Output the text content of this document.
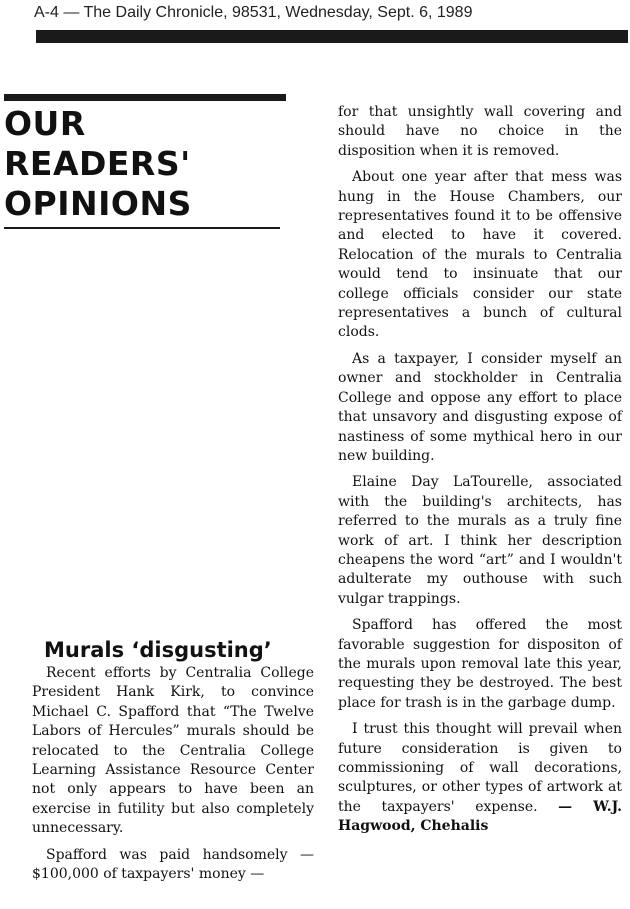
A-4 — The Daily Chronicle, 98531, Wednesday, Sept. 6, 1989
OUR
READERS'
OPINIONS
Murals ‘disgusting’

Recent efforts by Centralia College President Hank Kirk, to convince Michael C. Spafford that “The Twelve Labors of Hercules” murals should be relocated to the Centralia College Learning Assistance Resource Center not only appears to have been an exercise in futility but also completely unnecessary.

Spafford was paid handsomely — $100,000 of taxpayers' money —

for that unsightly wall covering and should have no choice in the disposition when it is removed.

About one year after that mess was hung in the House Chambers, our representatives found it to be offensive and elected to have it covered. Relocation of the murals to Centralia would tend to insinuate that our college officials consider our state representatives a bunch of cultural clods.

As a taxpayer, I consider myself an owner and stockholder in Centralia College and oppose any effort to place that unsavory and disgusting expose of nastiness of some mythical hero in our new building.

Elaine Day LaTourelle, associated with the building's architects, has referred to the murals as a truly fine work of art. I think her description cheapens the word “art” and I wouldn't adulterate my outhouse with such vulgar trappings.

Spafford has offered the most favorable suggestion for dispositon of the murals upon removal late this year, requesting they be destroyed. The best place for trash is in the garbage dump.

I trust this thought will prevail when future consideration is given to commissioning of wall decorations, sculptures, or other types of artwork at the taxpayers' expense. — W.J. Hagwood, Chehalis
